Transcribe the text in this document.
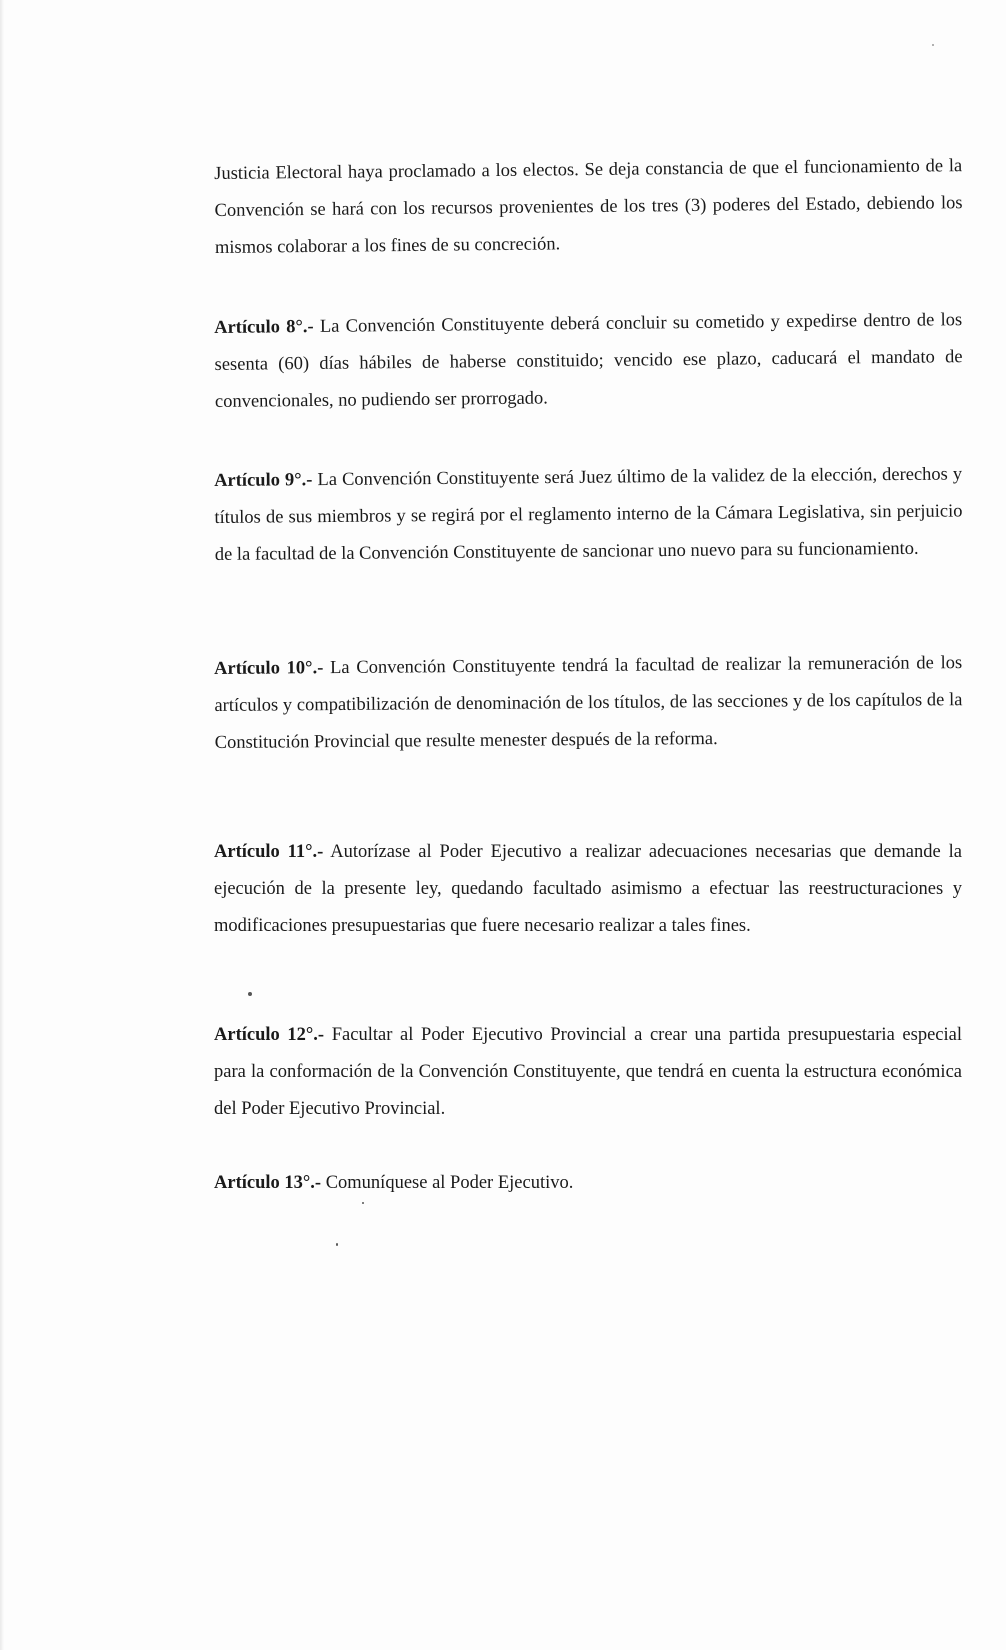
Justicia Electoral haya proclamado a los electos. Se deja constancia de que el funcionamiento de la Convención se hará con los recursos provenientes de los tres (3) poderes del Estado, debiendo los mismos colaborar a los fines de su concreción.

Artículo 8°.- La Convención Constituyente deberá concluir su cometido y expedirse dentro de los sesenta (60) días hábiles de haberse constituido; vencido ese plazo, caducará el mandato de convencionales, no pudiendo ser prorrogado.

Artículo 9°.- La Convención Constituyente será Juez último de la validez de la elección, derechos y títulos de sus miembros y se regirá por el reglamento interno de la Cámara Legislativa, sin perjuicio de la facultad de la Convención Constituyente de sancionar uno nuevo para su funcionamiento.

Artículo 10°.- La Convención Constituyente tendrá la facultad de realizar la remuneración de los artículos y compatibilización de denominación de los títulos, de las secciones y de los capítulos de la Constitución Provincial que resulte menester después de la reforma.

Artículo 11°.- Autorízase al Poder Ejecutivo a realizar adecuaciones necesarias que demande la ejecución de la presente ley, quedando facultado asimismo a efectuar las reestructuraciones y modificaciones presupuestarias que fuere necesario realizar a tales fines.

Artículo 12°.- Facultar al Poder Ejecutivo Provincial a crear una partida presupuestaria especial para la conformación de la Convención Constituyente, que tendrá en cuenta la estructura económica del Poder Ejecutivo Provincial.

Artículo 13°.- Comuníquese al Poder Ejecutivo.
